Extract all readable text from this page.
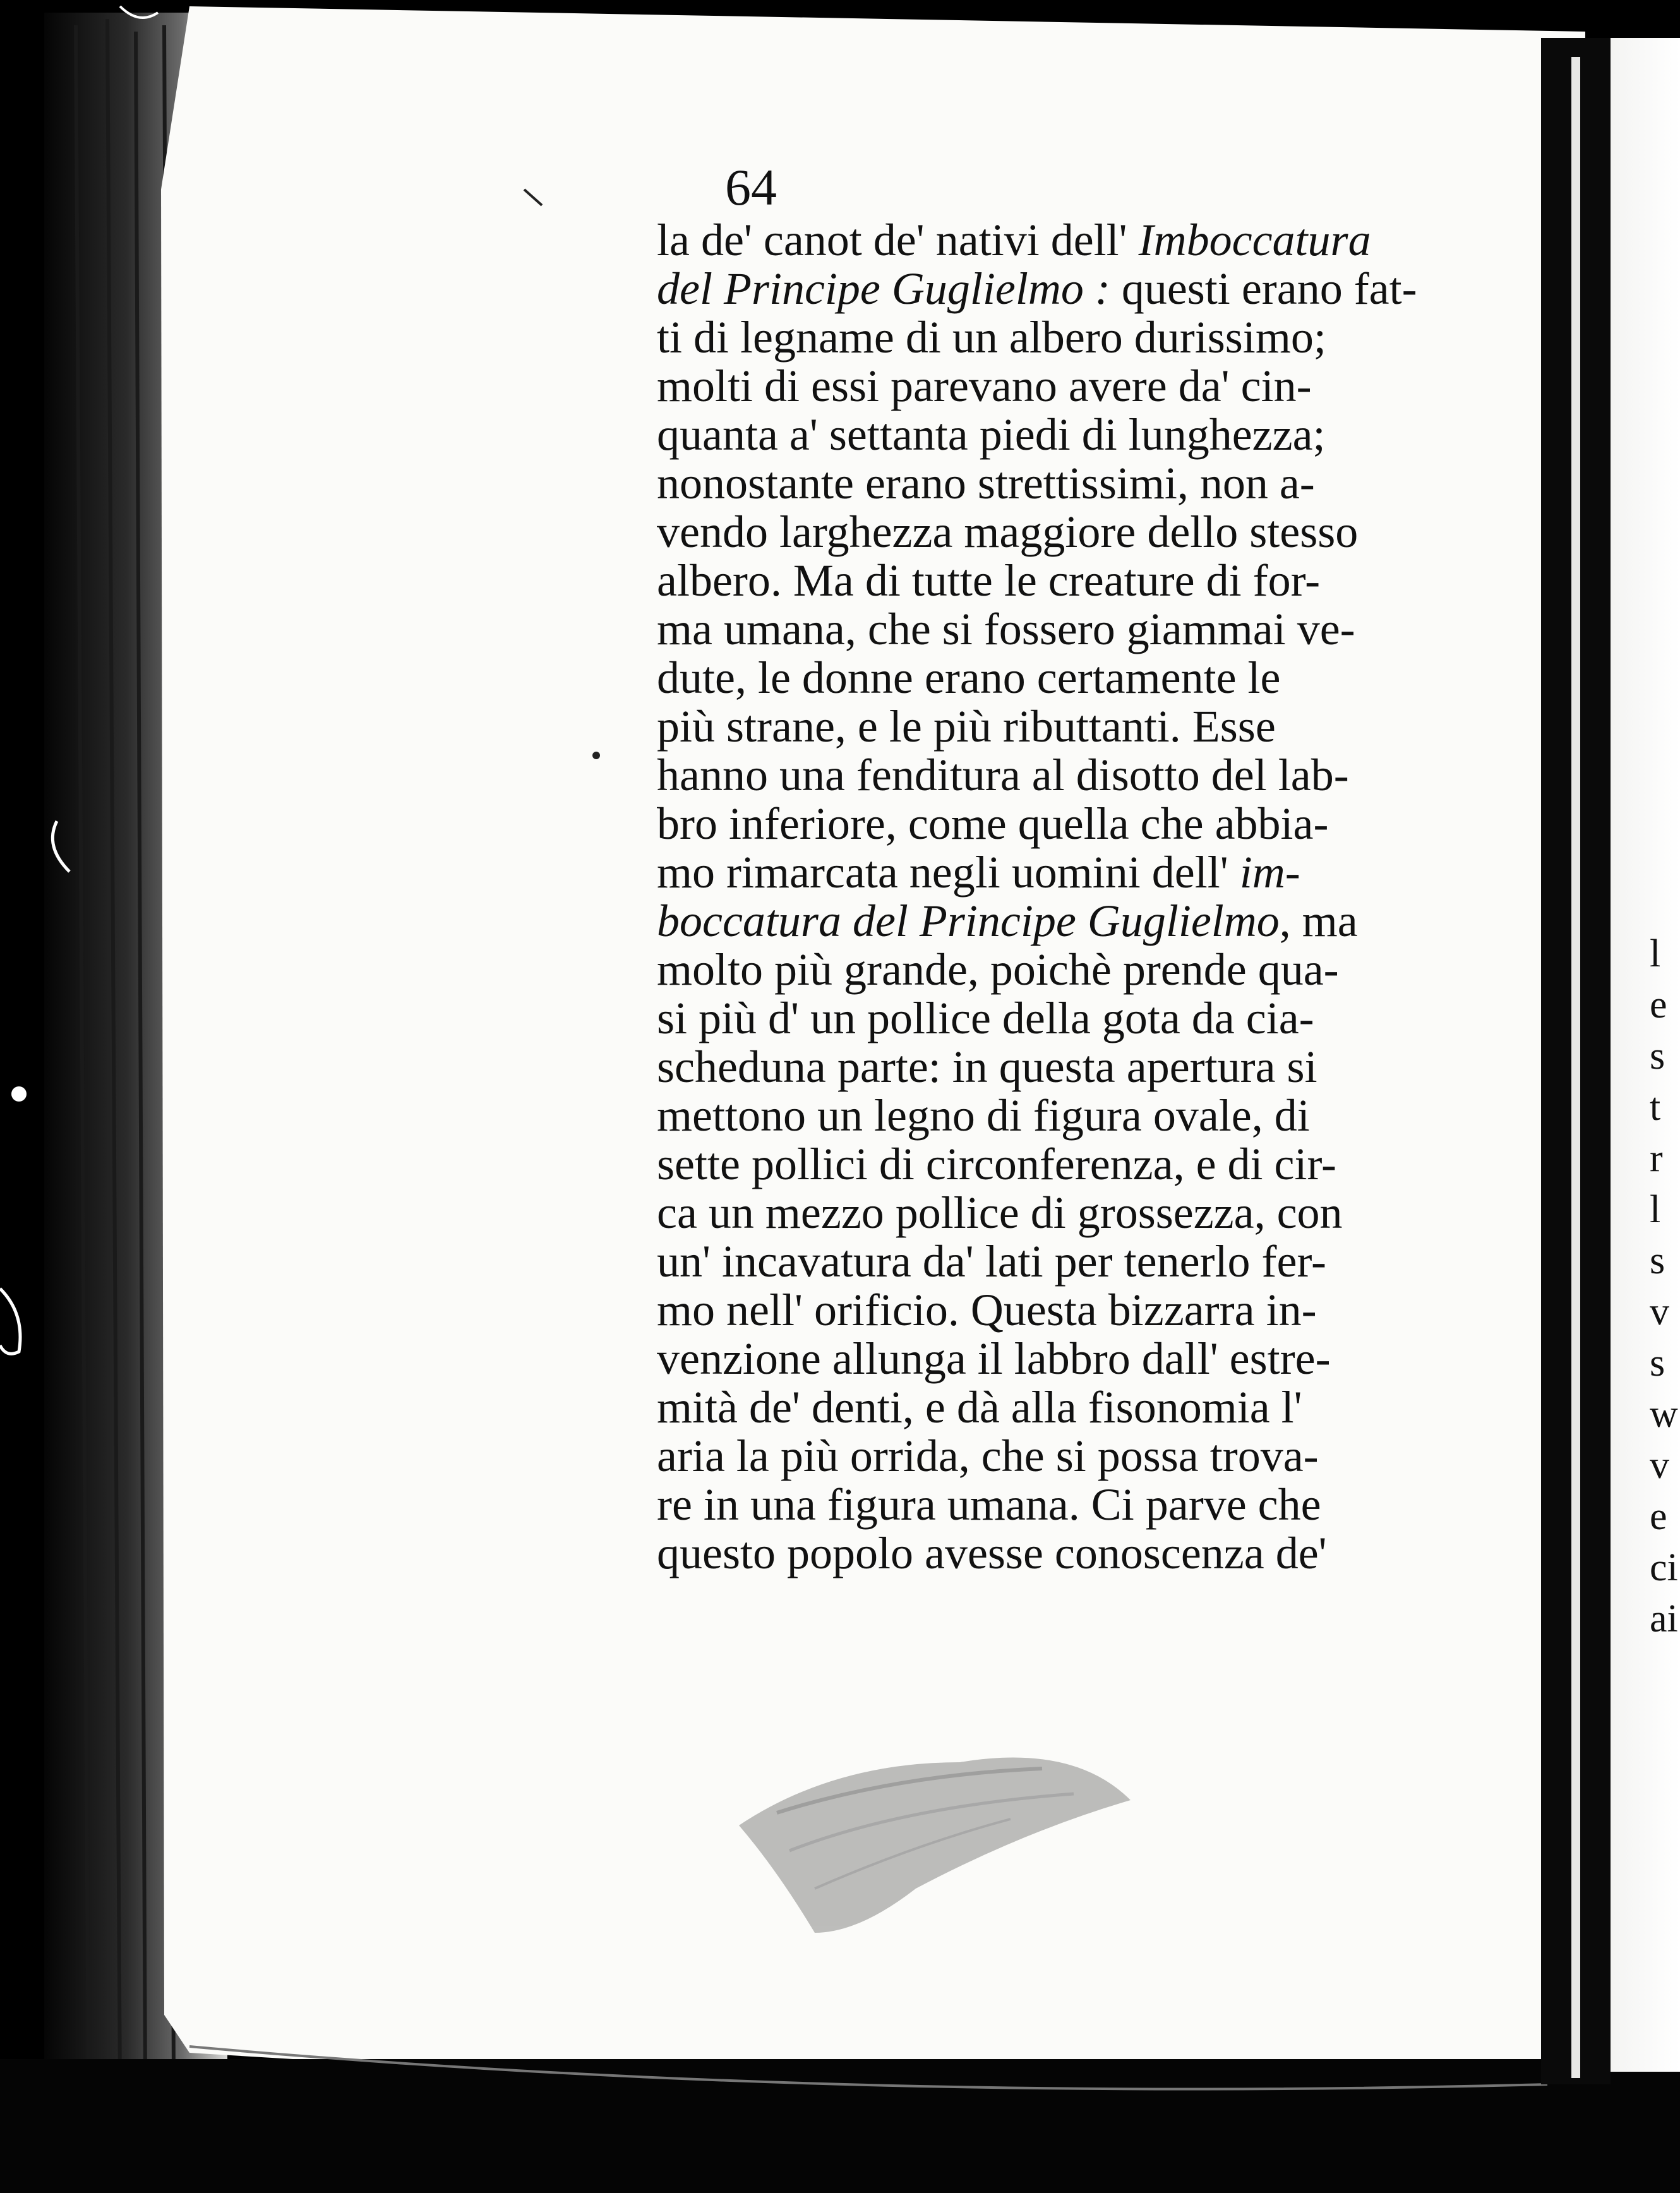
64
la de' canot de' nativi dell' Imboccatura
del Principe Guglielmo : questi erano fat-
ti di legname di un albero durissimo;
molti di essi parevano avere da' cin-
quanta a' settanta piedi di lunghezza;
nonostante erano strettissimi, non a-
vendo larghezza maggiore dello stesso
albero. Ma di tutte le creature di for-
ma umana, che si fossero giammai ve-
dute, le donne erano certamente le
più strane, e le più ributtanti. Esse
hanno una fenditura al disotto del lab-
bro inferiore, come quella che abbia-
mo rimarcata negli uomini dell' im-
boccatura del Principe Guglielmo, ma
molto più grande, poichè prende qua-
si più d' un pollice della gota da cia-
scheduna parte: in questa apertura si
mettono un legno di figura ovale, di
sette pollici di circonferenza, e di cir-
ca un mezzo pollice di grossezza, con
un' incavatura da' lati per tenerlo fer-
mo nell' orificio. Questa bizzarra in-
venzione allunga il labbro dall' estre-
mità de' denti, e dà alla fisonomia l'
aria la più orrida, che si possa trova-
re in una figura umana. Ci parve che
questo popolo avesse conoscenza de'
l
e
s
t
r
l
s
v
s
w
v
e
ci
ai
